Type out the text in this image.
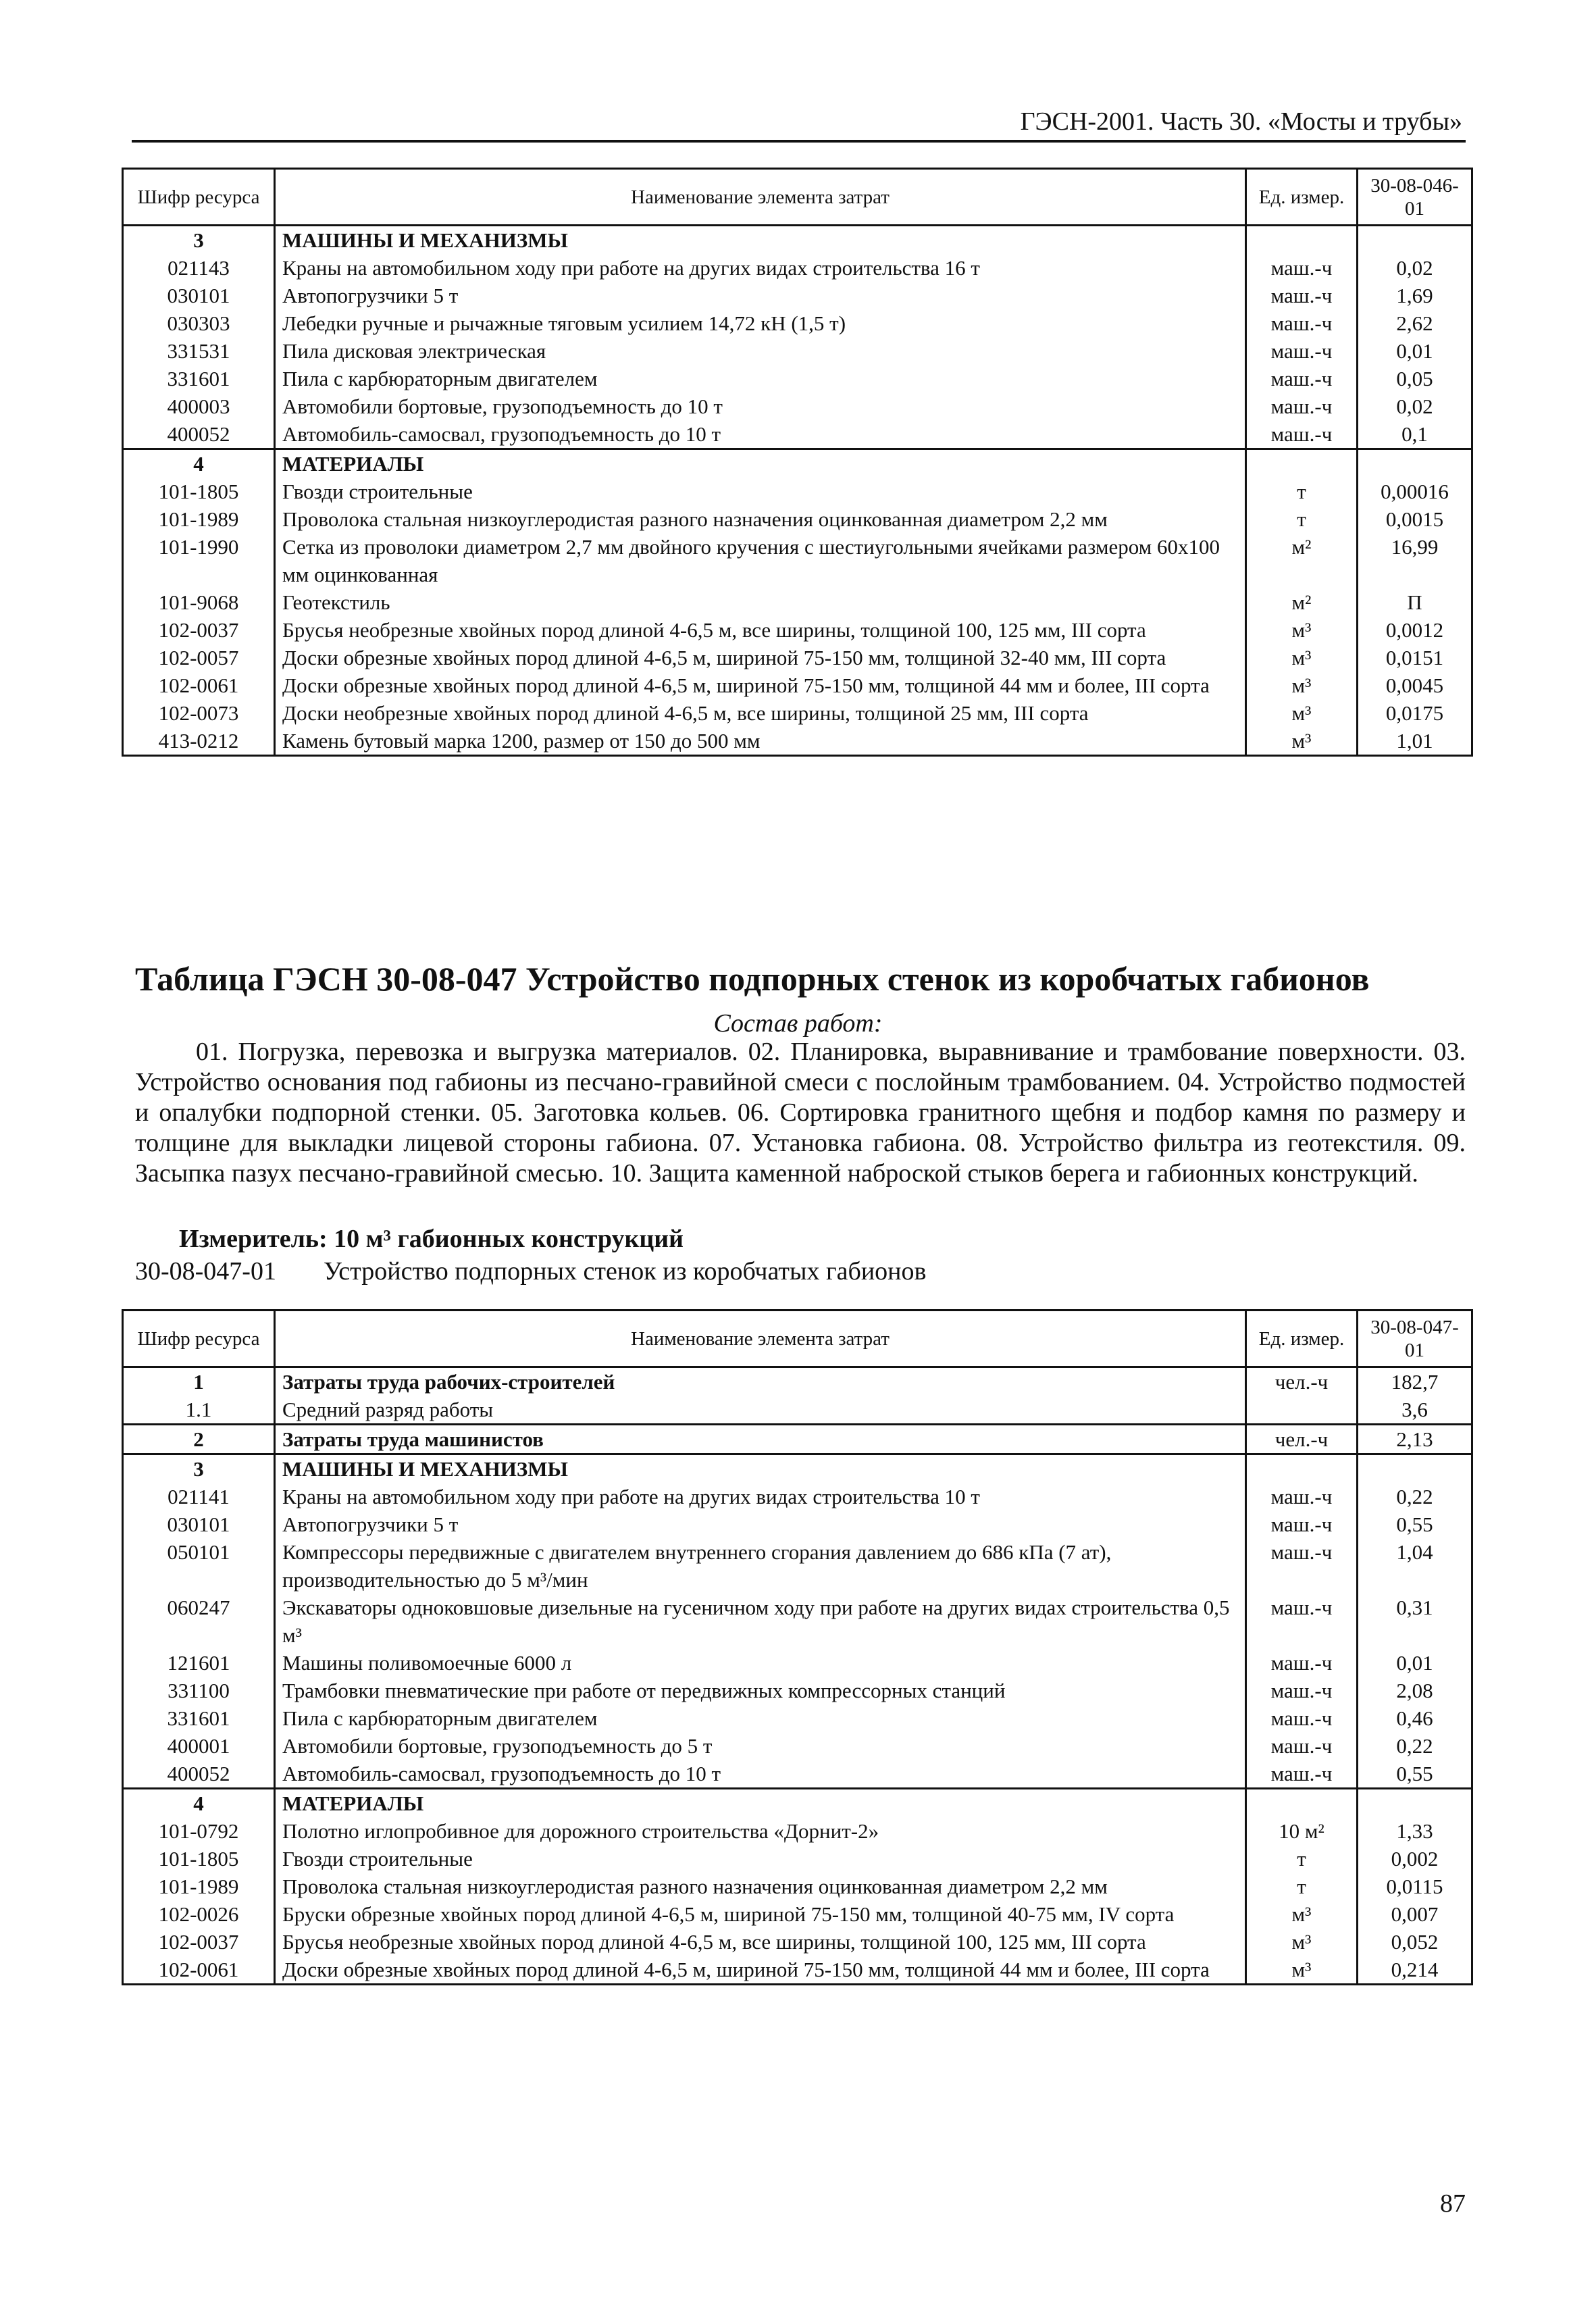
ГЭСН-2001. Часть 30. «Мосты и трубы»
Шифр ресурса	Наименование элемента затрат	Ед. измер.	30-08-046-01
3	МАШИНЫ И МЕХАНИЗМЫ		
021143	Краны на автомобильном ходу при работе на других видах строительства 16 т	маш.-ч	0,02
030101	Автопогрузчики 5 т	маш.-ч	1,69
030303	Лебедки ручные и рычажные тяговым усилием 14,72 кН (1,5 т)	маш.-ч	2,62
331531	Пила дисковая электрическая	маш.-ч	0,01
331601	Пила с карбюраторным двигателем	маш.-ч	0,05
400003	Автомобили бортовые, грузоподъемность до 10 т	маш.-ч	0,02
400052	Автомобиль-самосвал, грузоподъемность до 10 т	маш.-ч	0,1
4	МАТЕРИАЛЫ		
101-1805	Гвозди строительные	т	0,00016
101-1989	Проволока стальная низкоуглеродистая разного назначения оцинкованная диаметром 2,2 мм	т	0,0015
101-1990	Сетка из проволоки диаметром 2,7 мм двойного кручения с шестиугольными ячейками размером 60х100 мм оцинкованная	м²	16,99
101-9068	Геотекстиль	м²	П
102-0037	Брусья необрезные хвойных пород длиной 4-6,5 м, все ширины, толщиной 100, 125 мм, III сорта	м³	0,0012
102-0057	Доски обрезные хвойных пород длиной 4-6,5 м, шириной 75-150 мм, толщиной 32-40 мм, III сорта	м³	0,0151
102-0061	Доски обрезные хвойных пород длиной 4-6,5 м, шириной 75-150 мм, толщиной 44 мм и более, III сорта	м³	0,0045
102-0073	Доски необрезные хвойных пород длиной 4-6,5 м, все ширины, толщиной 25 мм, III сорта	м³	0,0175
413-0212	Камень бутовый марка 1200, размер от 150 до 500 мм	м³	1,01
Таблица ГЭСН 30-08-047 Устройство подпорных стенок из коробчатых габионов
Состав работ:
01. Погрузка, перевозка и выгрузка материалов. 02. Планировка, выравнивание и трамбование поверхности. 03. Устройство основания под габионы из песчано-гравийной смеси с послойным трамбованием. 04. Устройство подмостей и опалубки подпорной стенки. 05. Заготовка кольев. 06. Сортировка гранитного щебня и подбор камня по размеру и толщине для выкладки лицевой стороны габиона. 07. Установка габиона. 08. Устройство фильтра из геотекстиля. 09. Засыпка пазух песчано-гравийной смесью. 10. Защита каменной наброской стыков берега и габионных конструкций.
Измеритель: 10 м³ габионных конструкций
30-08-047-01 Устройство подпорных стенок из коробчатых габионов
Шифр ресурса	Наименование элемента затрат	Ед. измер.	30-08-047-01
1	Затраты труда рабочих-строителей	чел.-ч	182,7
1.1	Средний разряд работы		3,6
2	Затраты труда машинистов	чел.-ч	2,13
3	МАШИНЫ И МЕХАНИЗМЫ		
021141	Краны на автомобильном ходу при работе на других видах строительства 10 т	маш.-ч	0,22
030101	Автопогрузчики 5 т	маш.-ч	0,55
050101	Компрессоры передвижные с двигателем внутреннего сгорания давлением до 686 кПа (7 ат), производительностью до 5 м³/мин	маш.-ч	1,04
060247	Экскаваторы одноковшовые дизельные на гусеничном ходу при работе на других видах строительства 0,5 м³	маш.-ч	0,31
121601	Машины поливомоечные 6000 л	маш.-ч	0,01
331100	Трамбовки пневматические при работе от передвижных компрессорных станций	маш.-ч	2,08
331601	Пила с карбюраторным двигателем	маш.-ч	0,46
400001	Автомобили бортовые, грузоподъемность до 5 т	маш.-ч	0,22
400052	Автомобиль-самосвал, грузоподъемность до 10 т	маш.-ч	0,55
4	МАТЕРИАЛЫ		
101-0792	Полотно иглопробивное для дорожного строительства «Дорнит-2»	10 м²	1,33
101-1805	Гвозди строительные	т	0,002
101-1989	Проволока стальная низкоуглеродистая разного назначения оцинкованная диаметром 2,2 мм	т	0,0115
102-0026	Бруски обрезные хвойных пород длиной 4-6,5 м, шириной 75-150 мм, толщиной 40-75 мм, IV сорта	м³	0,007
102-0037	Брусья необрезные хвойных пород длиной 4-6,5 м, все ширины, толщиной 100, 125 мм, III сорта	м³	0,052
102-0061	Доски обрезные хвойных пород длиной 4-6,5 м, шириной 75-150 мм, толщиной 44 мм и более, III сорта	м³	0,214
87
